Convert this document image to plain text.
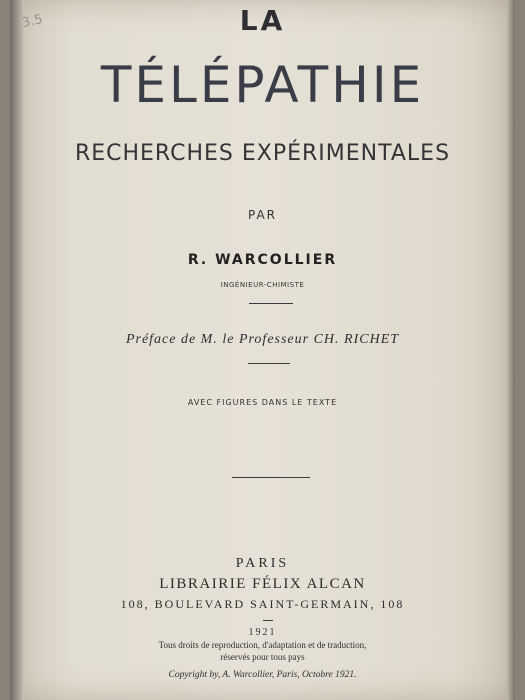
3.5	LA
TÉLÉPATHIE
RECHERCHES EXPÉRIMENTALES
PAR
R. WARCOLLIER
INGÉNIEUR-CHIMISTE
Préface de M. le Professeur CH. RICHET
AVEC FIGURES DANS LE TEXTE
PARIS
LIBRAIRIE FÉLIX ALCAN
108, BOULEVARD SAINT-GERMAIN, 108
1921
Tous droits de reproduction, d'adaptation et de traduction,
réservés pour tous pays
Copyright by, A. Warcollier, Paris, Octobre 1921.
